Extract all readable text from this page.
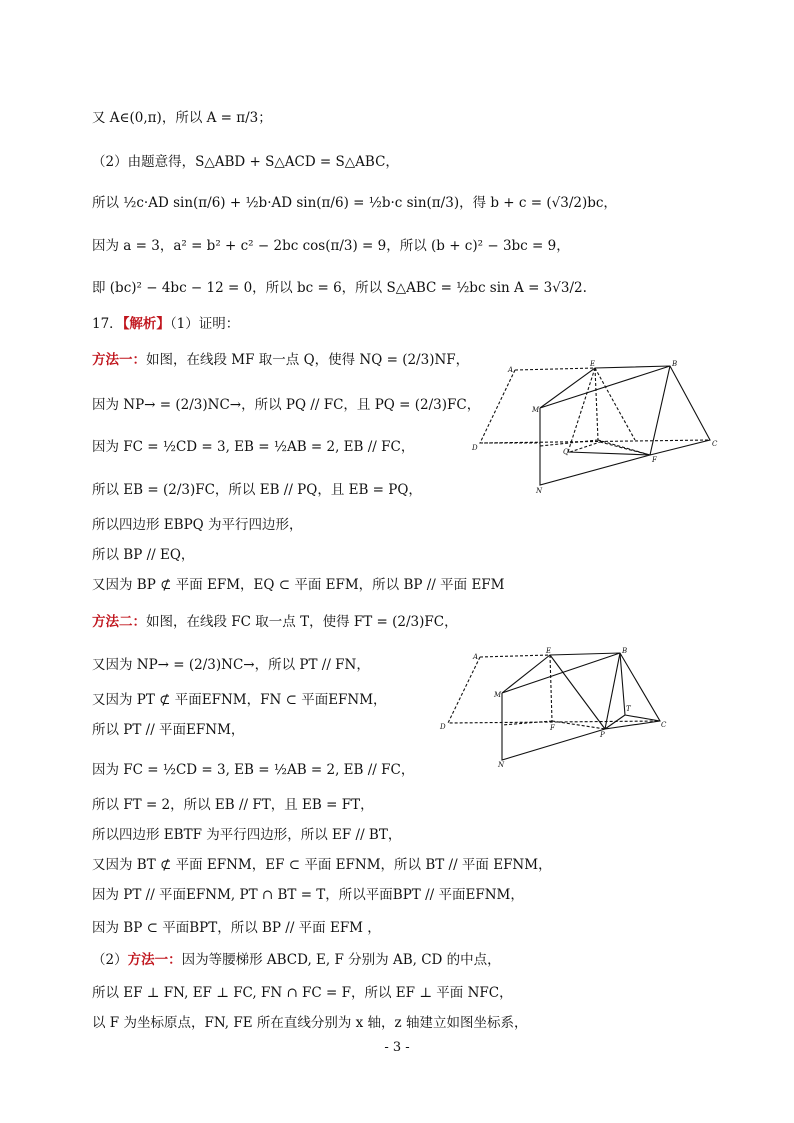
又 A∈(0,π)，所以 A = π/3；
（2）由题意得，S△ABD + S△ACD = S△ABC，
所以 ½c·AD sin(π/6) + ½b·AD sin(π/6) = ½b·c sin(π/3)，得 b + c = (√3/2)bc，
因为 a = 3，a² = b² + c² − 2bc cos(π/3) = 9，所以 (b + c)² − 3bc = 9，
即 (bc)² − 4bc − 12 = 0，所以 bc = 6，所以 S△ABC = ½bc sin A = 3√3/2.
17．【解析】（1）证明：
方法一：如图，在线段 MF 取一点 Q，使得 NQ = (2/3)NF，
因为 NP→ = (2/3)NC→，所以 PQ // FC，且 PQ = (2/3)FC，
因为 FC = ½CD = 3, EB = ½AB = 2, EB // FC，
所以 EB = (2/3)FC，所以 EB // PQ，且 EB = PQ，
所以四边形 EBPQ 为平行四边形，
所以 BP // EQ，
又因为 BP ⊄ 平面 EFM，EQ ⊂ 平面 EFM，所以 BP // 平面 EFM
方法二：如图，在线段 FC 取一点 T，使得 FT = (2/3)FC，
又因为 NP→ = (2/3)NC→，所以 PT // FN，
又因为 PT ⊄ 平面EFNM，FN ⊂ 平面EFNM，
所以 PT // 平面EFNM，
因为 FC = ½CD = 3, EB = ½AB = 2, EB // FC，
所以 FT = 2，所以 EB // FT，且 EB = FT，
所以四边形 EBTF 为平行四边形，所以 EF // BT，
又因为 BT ⊄ 平面 EFNM，EF ⊂ 平面 EFNM，所以 BT // 平面 EFNM，
因为 PT // 平面EFNM, PT ∩ BT = T，所以平面BPT // 平面EFNM，
因为 BP ⊂ 平面BPT，所以 BP // 平面 EFM ，
（2）方法一：因为等腰梯形 ABCD, E, F 分别为 AB, CD 的中点，
所以 EF ⊥ FN, EF ⊥ FC, FN ∩ FC = F，所以 EF ⊥ 平面 NFC，
以 F 为坐标原点，FN, FE 所在直线分别为 x 轴，z 轴建立如图坐标系，
A
E	B
M
D	Q
F
C
N
A
E	B
M
T
D	F
P
C
N
- 3 -
